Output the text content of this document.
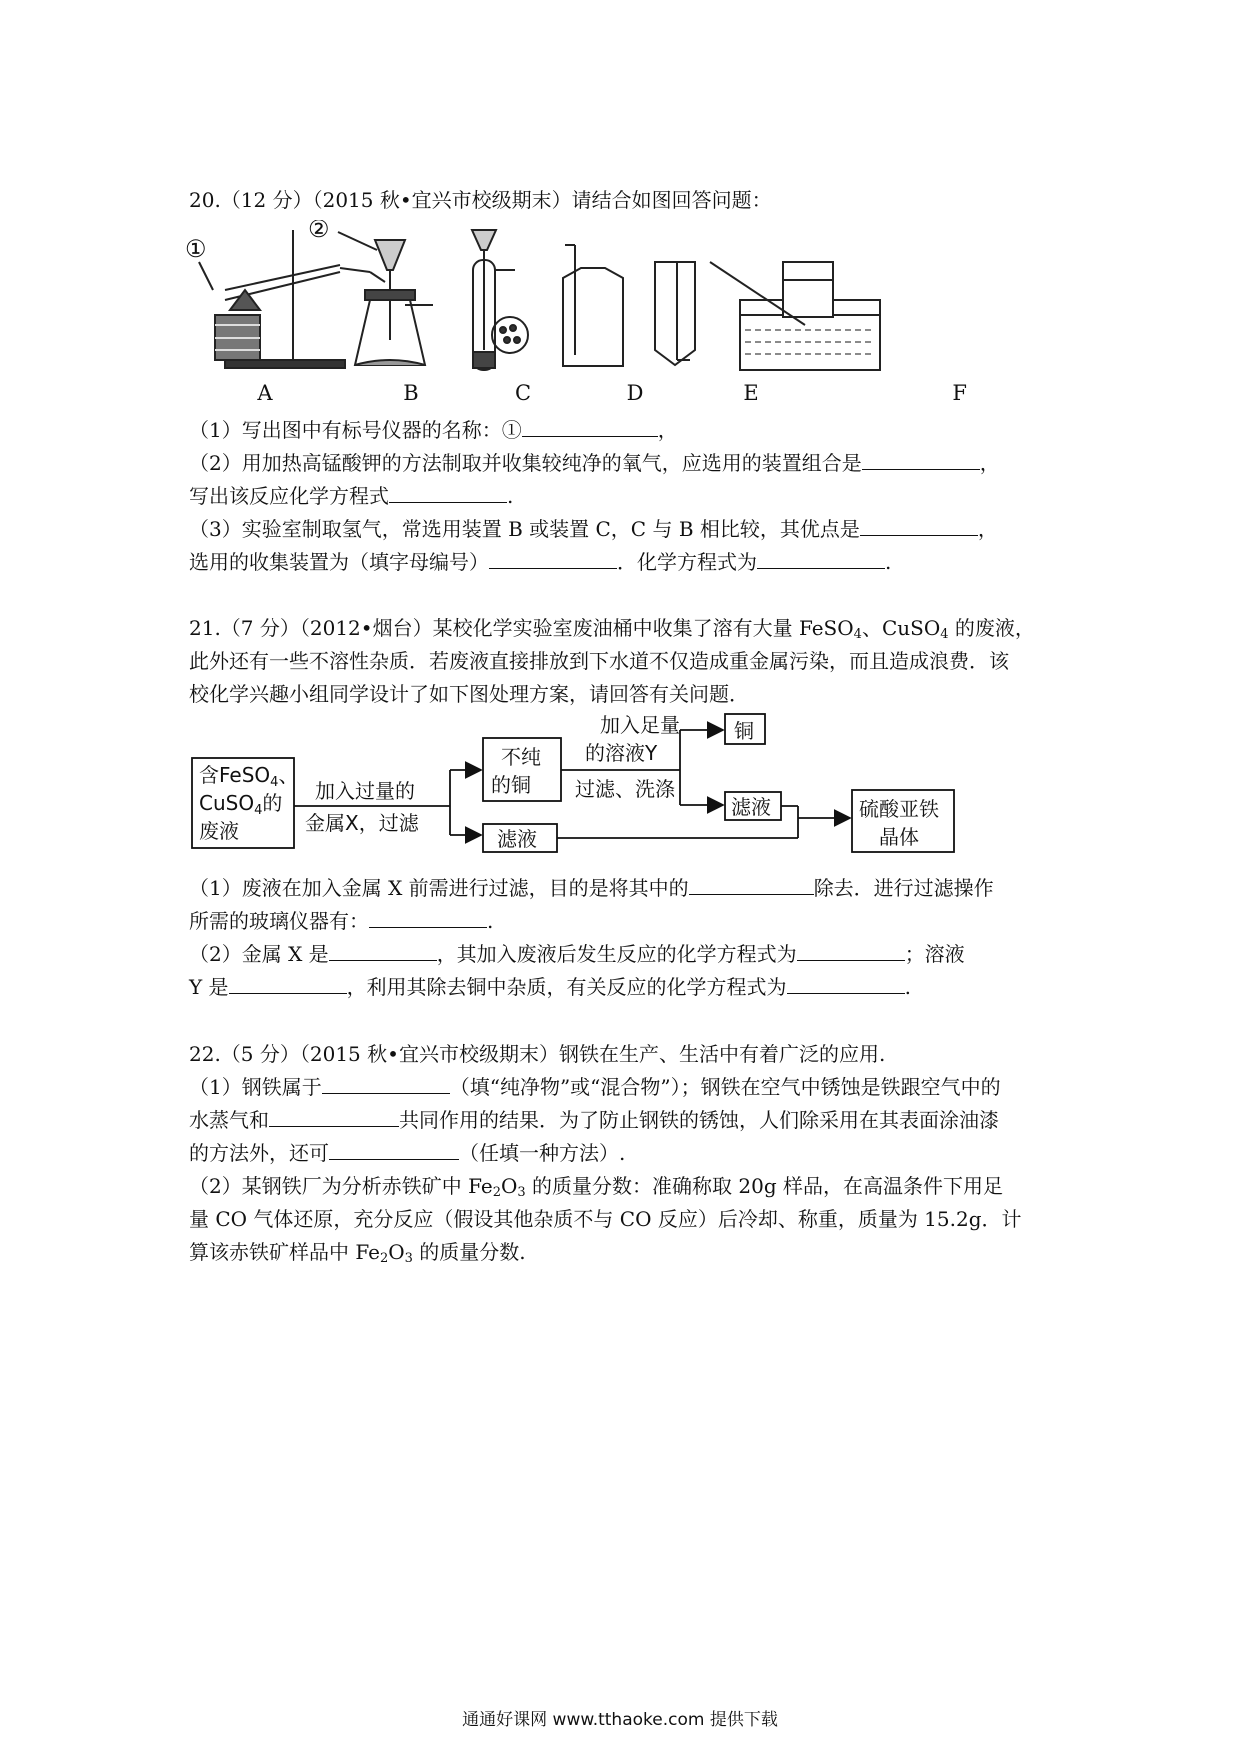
20.（12 分）（2015 秋•宜兴市校级期末）请结合如图回答问题：
①
②
A	B	C	D	E	F
（1）写出图中有标号仪器的名称：①	，
（2）用加热高锰酸钾的方法制取并收集较纯净的氧气，应选用的装置组合是	，
写出该反应化学方程式	.
（3）实验室制取氢气，常选用装置 B 或装置 C，C 与 B 相比较，其优点是	，
选用的收集装置为（填字母编号）	．化学方程式为	.
21.（7 分）（2012•烟台）某校化学实验室废油桶中收集了溶有大量 FeSO$_4$、CuSO$_4$ 的废液，
此外还有一些不溶性杂质．若废液直接排放到下水道不仅造成重金属污染，而且造成浪费．该
校化学兴趣小组同学设计了如下图处理方案，请回答有关问题．
含FeSO$_4$、
CuSO$_4$的
废液
加入过量的
金属X，过滤
不纯
的铜
滤液
加入足量
的溶液Y
过滤、洗涤
铜
滤液	硫酸亚铁
晶体
（1）废液在加入金属 X 前需进行过滤，目的是将其中的	除去．进行过滤操作
所需的玻璃仪器有：	.
（2）金属 X 是	，其加入废液后发生反应的化学方程式为	；溶液
Y 是	，利用其除去铜中杂质，有关反应的化学方程式为	.
22.（5 分）（2015 秋•宜兴市校级期末）钢铁在生产、生活中有着广泛的应用.
（1）钢铁属于	（填“纯净物”或“混合物”）；钢铁在空气中锈蚀是铁跟空气中的
水蒸气和	共同作用的结果．为了防止钢铁的锈蚀，人们除采用在其表面涂油漆
的方法外，还可	（任填一种方法）.
（2）某钢铁厂为分析赤铁矿中 $Fe_2O_3$ 的质量分数：准确称取 20g 样品，在高温条件下用足
量 CO 气体还原，充分反应（假设其他杂质不与 CO 反应）后冷却、称重，质量为 15.2g．计
算该赤铁矿样品中 $Fe_2O_3$ 的质量分数.
通通好课网 www.tthaoke.com 提供下载
